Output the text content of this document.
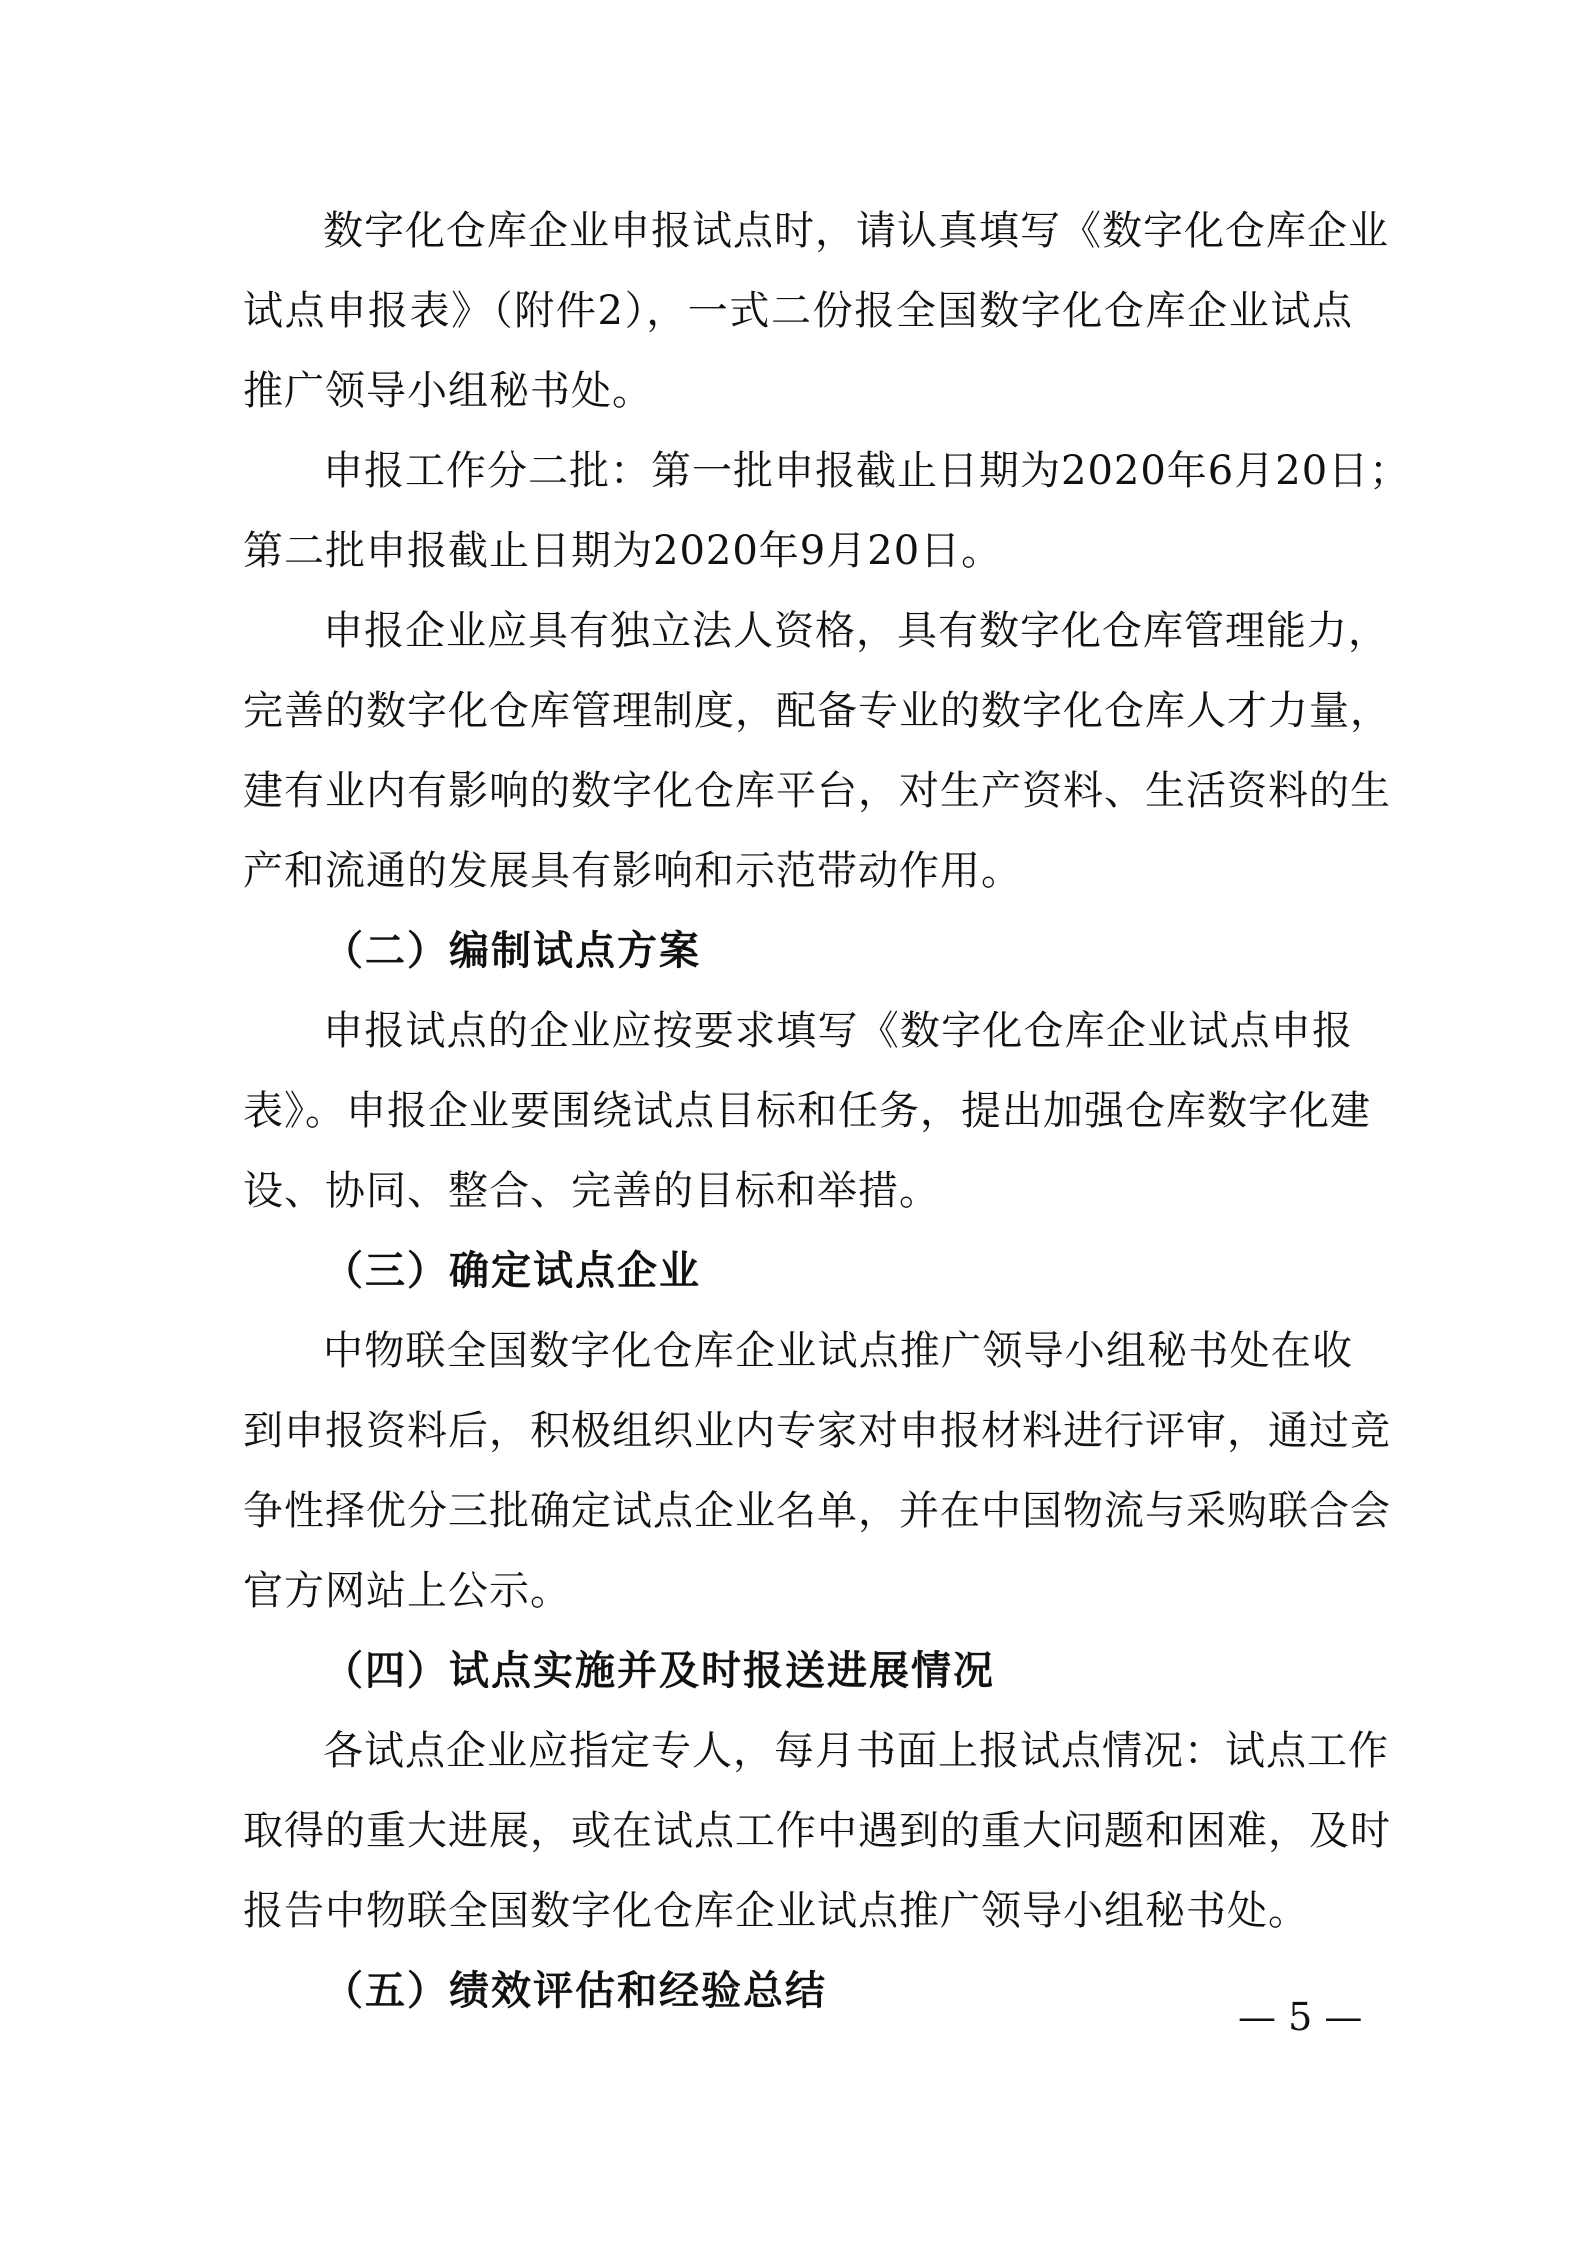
数字化仓库企业申报试点时，请认真填写《数字化仓库企业
试点申报表》（附件2），一式二份报全国数字化仓库企业试点
推广领导小组秘书处。
申报工作分二批：第一批申报截止日期为2020年6月20日；
第二批申报截止日期为2020年9月20日。
申报企业应具有独立法人资格，具有数字化仓库管理能力，
完善的数字化仓库管理制度，配备专业的数字化仓库人才力量，
建有业内有影响的数字化仓库平台，对生产资料、生活资料的生
产和流通的发展具有影响和示范带动作用。
（二）编制试点方案
申报试点的企业应按要求填写《数字化仓库企业试点申报
表》。申报企业要围绕试点目标和任务，提出加强仓库数字化建
设、协同、整合、完善的目标和举措。
（三）确定试点企业
中物联全国数字化仓库企业试点推广领导小组秘书处在收
到申报资料后，积极组织业内专家对申报材料进行评审，通过竞
争性择优分三批确定试点企业名单，并在中国物流与采购联合会
官方网站上公示。
（四）试点实施并及时报送进展情况
各试点企业应指定专人，每月书面上报试点情况：试点工作
取得的重大进展，或在试点工作中遇到的重大问题和困难，及时
报告中物联全国数字化仓库企业试点推广领导小组秘书处。
（五）绩效评估和经验总结
— 5 —
